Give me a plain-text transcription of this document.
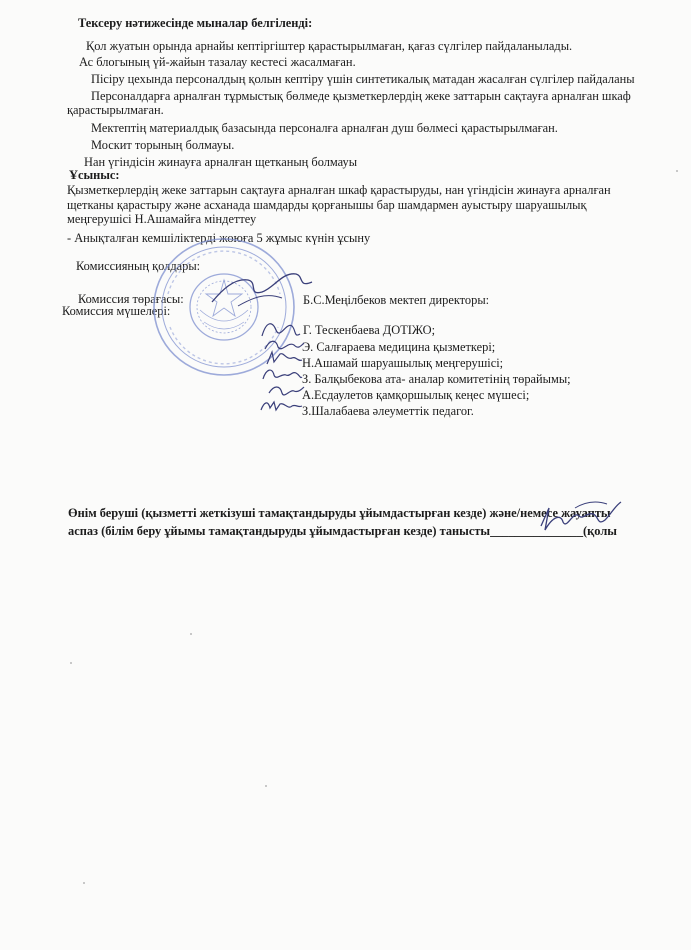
Тексеру нәтижесінде мыналар белгіленді:
Қол жуатын орында арнайы кептіргіштер қарастырылмаған, қағаз сүлгілер пайдаланылады.
Ас блогының үй-жайын тазалау кестесі жасалмаған.
Пісіру цехында персоналдың қолын кептіру үшін синтетикалық матадан жасалған сүлгілер пайдаланы
Персоналдарға арналған тұрмыстық бөлмеде қызметкерлердің жеке заттарын сақтауға арналған шкаф
қарастырылмаған.
Мектептің материалдық базасында персоналға арналған душ бөлмесі қарастырылмаған.
Москит торының болмауы.
Нан үгіндісін жинауға арналған щетканың болмауы
Ұсыныс:
Қызметкерлердің жеке заттарын сақтауға арналған шкаф қарастыруды, нан үгіндісін жинауға арналған
щетканы қарастыру және асханада шамдарды қорғанышы бар шамдармен ауыстыру шаруашылық
меңгерушісі Н.Ашамайға міндеттеу
- Анықталған кемшіліктерді жоюға 5 жұмыс күнін ұсыну
Комиссияның қолдары:
Комиссия төрағасы:	Б.С.Меңілбеков мектеп директоры:
Комиссия мүшелері:
Г. Тескенбаева ДОТІЖО;
Э. Салғараева медицина қызметкері;
Н.Ашамай шаруашылық меңгерушісі;
З. Балқыбекова ата- аналар комитетінің төрайымы;
А.Есдаулетов қамқоршылық кеңес мүшесі;
З.Шалабаева әлеуметтік педагог.
Өнім беруші (қызметті жеткізуші тамақтандыруды ұйымдастырған кезде) және/немесе жауапты
аспаз (білім беру ұйымы тамақтандыруды ұйымдастырған кезде) танысты_______________(қолы
